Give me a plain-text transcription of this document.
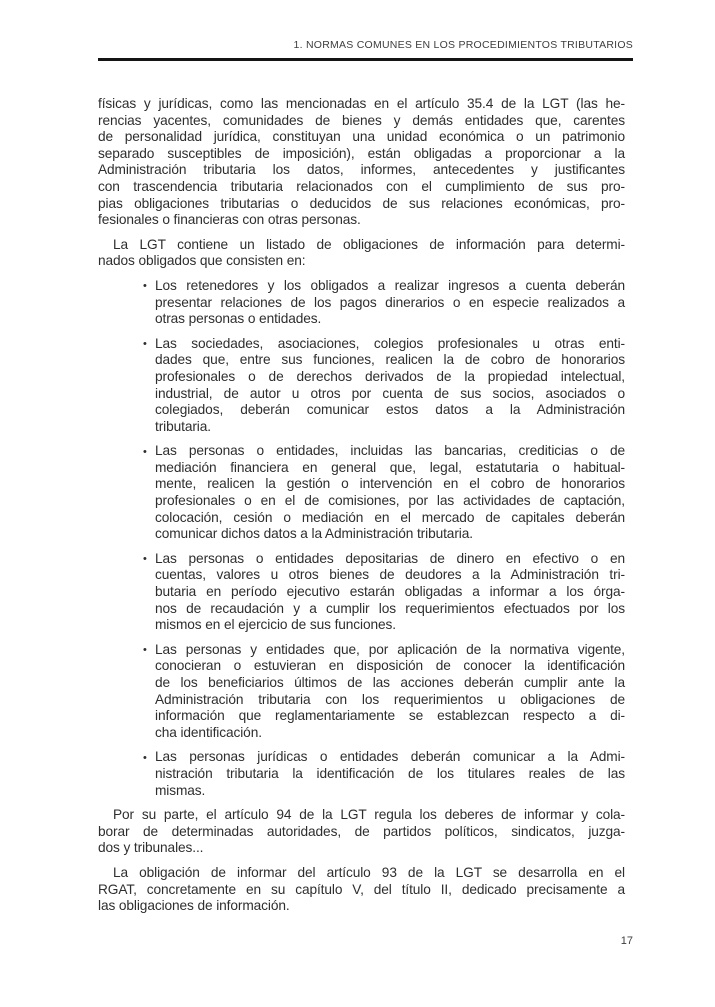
1. NORMAS COMUNES EN LOS PROCEDIMIENTOS TRIBUTARIOS
físicas y jurídicas, como las mencionadas en el artículo 35.4 de la LGT (las he-
rencias yacentes, comunidades de bienes y demás entidades que, carentes
de personalidad jurídica, constituyan una unidad económica o un patrimonio
separado susceptibles de imposición), están obligadas a proporcionar a la
Administración tributaria los datos, informes, antecedentes y justificantes
con trascendencia tributaria relacionados con el cumplimiento de sus pro-
pias obligaciones tributarias o deducidos de sus relaciones económicas, pro-
fesionales o financieras con otras personas.
La LGT contiene un listado de obligaciones de información para determi-
nados obligados que consisten en:
• Los retenedores y los obligados a realizar ingresos a cuenta deberán
presentar relaciones de los pagos dinerarios o en especie realizados a
otras personas o entidades.
• Las sociedades, asociaciones, colegios profesionales u otras enti-
dades que, entre sus funciones, realicen la de cobro de honorarios
profesionales o de derechos derivados de la propiedad intelectual,
industrial, de autor u otros por cuenta de sus socios, asociados o
colegiados, deberán comunicar estos datos a la Administración
tributaria.
• Las personas o entidades, incluidas las bancarias, crediticias o de
mediación financiera en general que, legal, estatutaria o habitual-
mente, realicen la gestión o intervención en el cobro de honorarios
profesionales o en el de comisiones, por las actividades de captación,
colocación, cesión o mediación en el mercado de capitales deberán
comunicar dichos datos a la Administración tributaria.
• Las personas o entidades depositarias de dinero en efectivo o en
cuentas, valores u otros bienes de deudores a la Administración tri-
butaria en período ejecutivo estarán obligadas a informar a los órga-
nos de recaudación y a cumplir los requerimientos efectuados por los
mismos en el ejercicio de sus funciones.
• Las personas y entidades que, por aplicación de la normativa vigente,
conocieran o estuvieran en disposición de conocer la identificación
de los beneficiarios últimos de las acciones deberán cumplir ante la
Administración tributaria con los requerimientos u obligaciones de
información que reglamentariamente se establezcan respecto a di-
cha identificación.
• Las personas jurídicas o entidades deberán comunicar a la Admi-
nistración tributaria la identificación de los titulares reales de las
mismas.
Por su parte, el artículo 94 de la LGT regula los deberes de informar y cola-
borar de determinadas autoridades, de partidos políticos, sindicatos, juzga-
dos y tribunales...
La obligación de informar del artículo 93 de la LGT se desarrolla en el
RGAT, concretamente en su capítulo V, del título II, dedicado precisamente a
las obligaciones de información.
17
